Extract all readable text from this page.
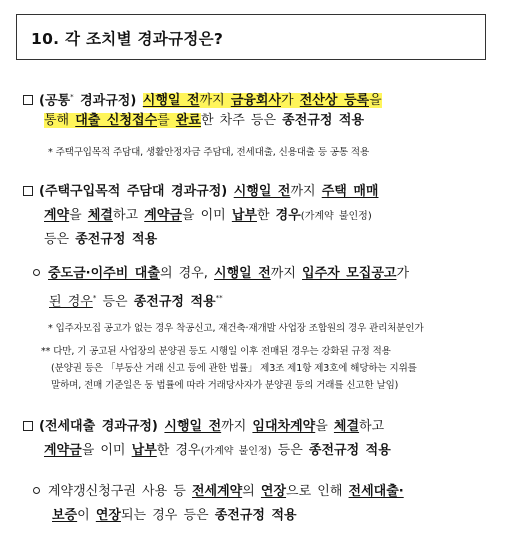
10. 각 조치별 경과규정은?
(공통* 경과규정) 시행일 전까지 금융회사가 전산상 등록을
통해 대출 신청접수를 완료한 차주 등은 종전규정 적용
* 주택구입목적 주담대, 생활안정자금 주담대, 전세대출, 신용대출 등 공통 적용
(주택구입목적 주담대 경과규정) 시행일 전까지 주택 매매
계약을 체결하고 계약금을 이미 납부한 경우(가계약 불인정)
등은 종전규정 적용
중도금·이주비 대출의 경우, 시행일 전까지 입주자 모집공고가
된 경우* 등은 종전규정 적용**
* 입주자모집 공고가 없는 경우 착공신고, 재건축·재개발 사업장 조합원의 경우 관리처분인가
** 다만, 기 공고된 사업장의 분양권 등도 시행일 이후 전매된 경우는 강화된 규정 적용
(분양권 등은 「부동산 거래 신고 등에 관한 법률」 제3조 제1항 제3호에 해당하는 지위를
말하며, 전매 기준일은 동 법률에 따라 거래당사자가 분양권 등의 거래를 신고한 날임)
(전세대출 경과규정) 시행일 전까지 임대차계약을 체결하고
계약금을 이미 납부한 경우(가계약 불인정) 등은 종전규정 적용
계약갱신청구권 사용 등 전세계약의 연장으로 인해 전세대출·
보증이 연장되는 경우 등은 종전규정 적용
